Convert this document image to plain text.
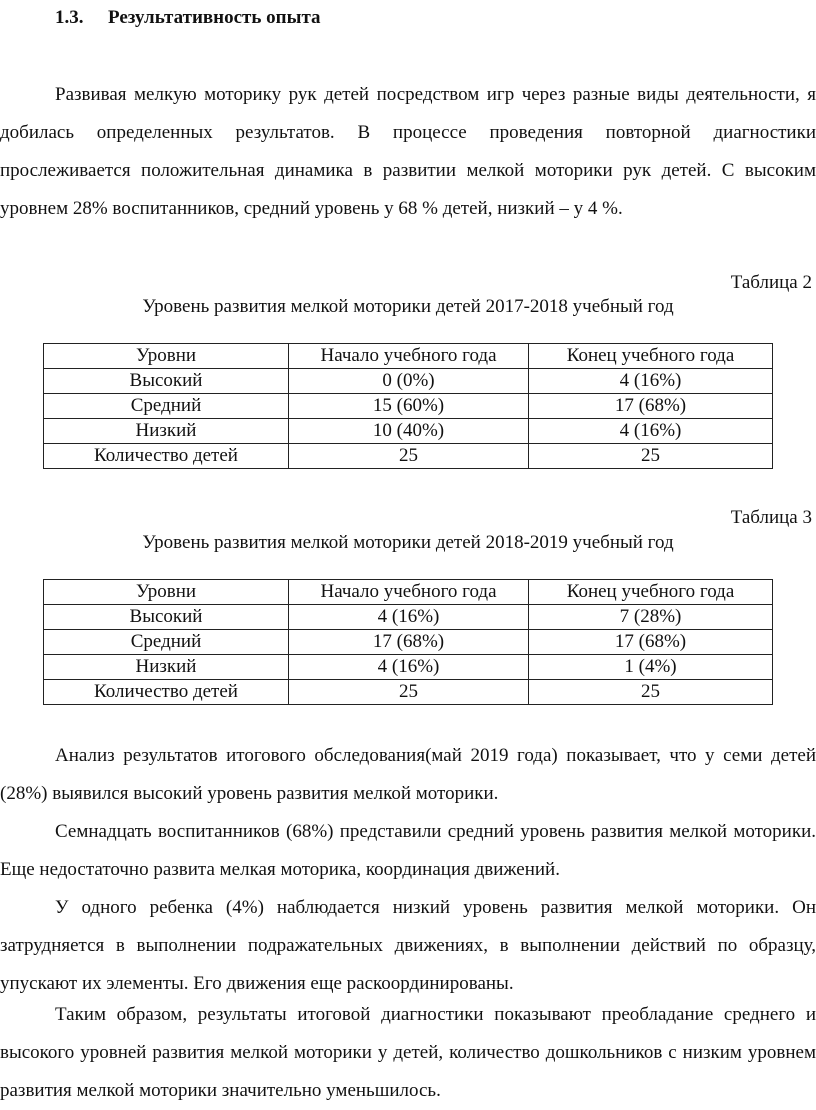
1.3. Результативность опыта

Развивая мелкую моторику рук детей посредством игр через разные виды деятельности, я добилась определенных результатов. В процессе проведения повторной диагностики прослеживается положительная динамика в развитии мелкой моторики рук детей. С высоким уровнем 28% воспитанников, средний уровень у 68 % детей, низкий – у 4 %.

Таблица 2

Уровень развития мелкой моторики детей 2017-2018 учебный год

Уровни	Начало учебного года	Конец учебного года
Высокий	0 (0%)	4 (16%)
Средний	15 (60%)	17 (68%)
Низкий	10 (40%)	4 (16%)
Количество детей	25	25

Таблица 3

Уровень развития мелкой моторики детей 2018-2019 учебный год

Уровни	Начало учебного года	Конец учебного года
Высокий	4 (16%)	7 (28%)
Средний	17 (68%)	17 (68%)
Низкий	4 (16%)	1 (4%)
Количество детей	25	25

Анализ результатов итогового обследования(май 2019 года) показывает, что у семи детей (28%) выявился высокий уровень развития мелкой моторики.

Семнадцать воспитанников (68%) представили средний уровень развития мелкой моторики. Еще недостаточно развита мелкая моторика, координация движений.

У одного ребенка (4%) наблюдается низкий уровень развития мелкой моторики. Он затрудняется в выполнении подражательных движениях, в выполнении действий по образцу, упускают их элементы. Его движения еще раскоординированы.

Таким образом, результаты итоговой диагностики показывают преобладание среднего и высокого уровней развития мелкой моторики у детей, количество дошкольников с низким уровнем развития мелкой моторики значительно уменьшилось.
